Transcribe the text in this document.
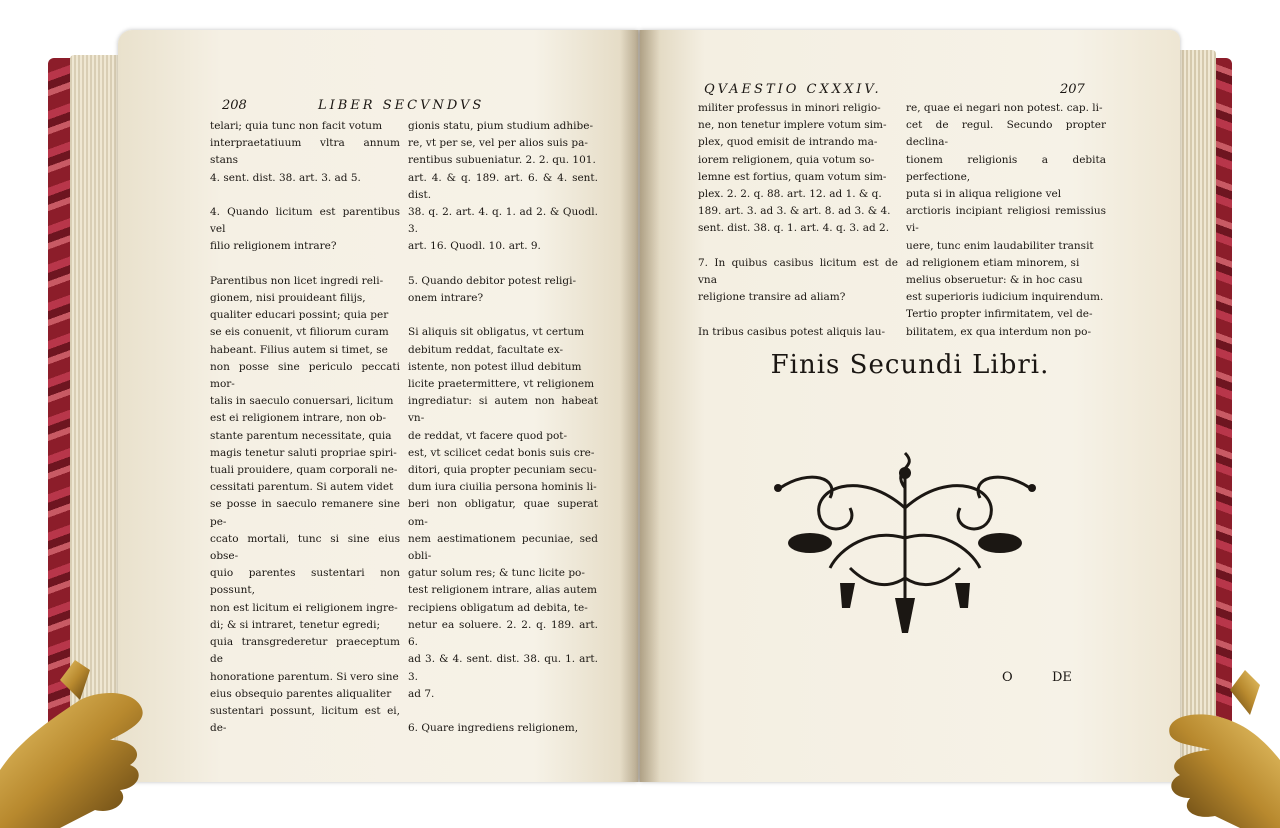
208	LIBER SECVNDVS
telari; quia tunc non facit votum
interpraetatiuum vltra annum stans
4. sent. dist. 38. art. 3. ad 5.

4. Quando licitum est parentibus vel
filio religionem intrare?

Parentibus non licet ingredi reli-
gionem, nisi prouideant filijs,
qualiter educari possint; quia per
se eis conuenit, vt filiorum curam
habeant. Filius autem si timet, se
non posse sine periculo peccati mor-
talis in saeculo conuersari, licitum
est ei religionem intrare, non ob-
stante parentum necessitate, quia
magis tenetur saluti propriae spiri-
tuali prouidere, quam corporali ne-
cessitati parentum. Si autem videt
se posse in saeculo remanere sine pe-
ccato mortali, tunc si sine eius obse-
quio parentes sustentari non possunt,
non est licitum ei religionem ingre-
di; & si intraret, tenetur egredi;
quia transgrederetur praeceptum de
honoratione parentum. Si vero sine
eius obsequio parentes aliqualiter
sustentari possunt, licitum est ei, de-

gionis statu, pium studium adhibe-
re, vt per se, vel per alios suis pa-
rentibus subueniatur. 2. 2. qu. 101.
art. 4. & q. 189. art. 6. & 4. sent. dist.
38. q. 2. art. 4. q. 1. ad 2. & Quodl. 3.
art. 16. Quodl. 10. art. 9.

5. Quando debitor potest religi-
onem intrare?

Si aliquis sit obligatus, vt certum
debitum reddat, facultate ex-
istente, non potest illud debitum
licite praetermittere, vt religionem
ingrediatur: si autem non habeat vn-
de reddat, vt facere quod pot-
est, vt scilicet cedat bonis suis cre-
ditori, quia propter pecuniam secu-
dum iura ciuilia persona hominis li-
beri non obligatur, quae superat om-
nem aestimationem pecuniae, sed obli-
gatur solum res; & tunc licite po-
test religionem intrare, alias autem
recipiens obligatum ad debita, te-
netur ea soluere. 2. 2. q. 189. art. 6.
ad 3. & 4. sent. dist. 38. qu. 1. art. 3.
ad 7.

6. Quare ingrediens religionem,

QVAESTIO CXXXIV.	207
militer professus in minori religio-
ne, non tenetur implere votum sim-
plex, quod emisit de intrando ma-
iorem religionem, quia votum so-
lemne est fortius, quam votum sim-
plex. 2. 2. q. 88. art. 12. ad 1. & q.
189. art. 3. ad 3. & art. 8. ad 3. & 4.
sent. dist. 38. q. 1. art. 4. q. 3. ad 2.

7. In quibus casibus licitum est de vna
religione transire ad aliam?

In tribus casibus potest aliquis lau-

re, quae ei negari non potest. cap. li-
cet de regul. Secundo propter declina-
tionem religionis a debita perfectione,
puta si in aliqua religione vel
arctioris incipiant religiosi remissius vi-
uere, tunc enim laudabiliter transit
ad religionem etiam minorem, si
melius obseruetur: & in hoc casu
est superioris iudicium inquirendum.
Tertio propter infirmitatem, vel de-
bilitatem, ex qua interdum non po-

Finis Secundi Libri.
O	DE
